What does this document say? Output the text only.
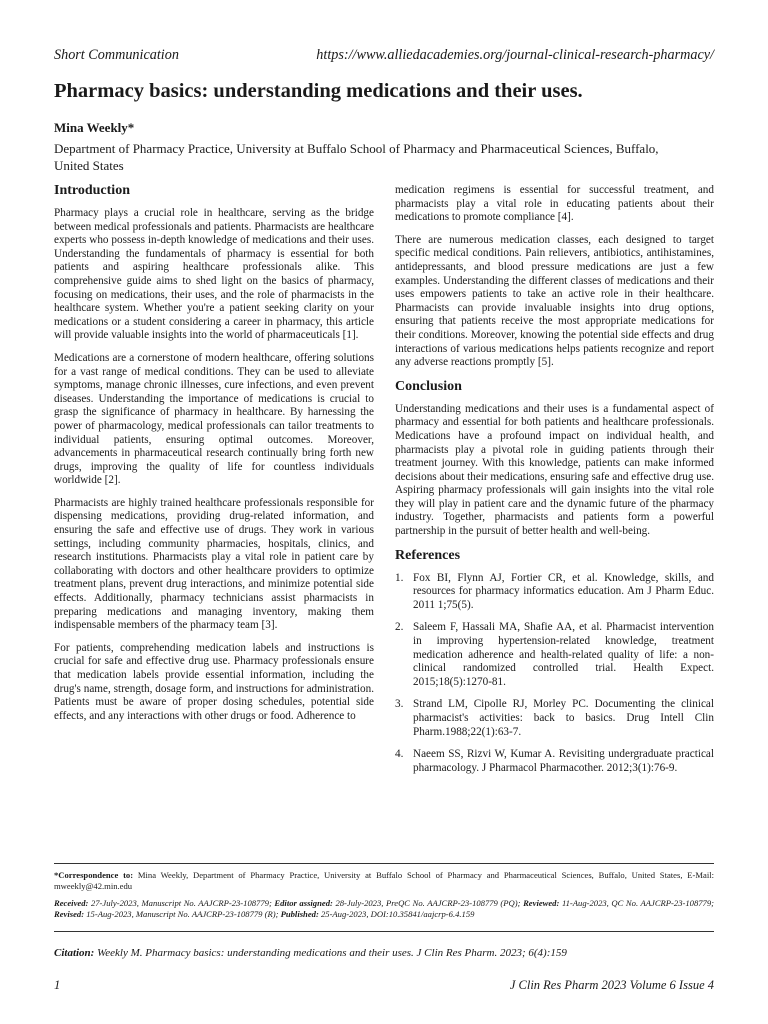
Short Communication	https://www.alliedacademies.org/journal-clinical-research-pharmacy/
Pharmacy basics: understanding medications and their uses.
Mina Weekly*
Department of Pharmacy Practice, University at Buffalo School of Pharmacy and Pharmaceutical Sciences, Buffalo, United States
Introduction

Pharmacy plays a crucial role in healthcare, serving as the bridge between medical professionals and patients. Pharmacists are healthcare experts who possess in-depth knowledge of medications and their uses. Understanding the fundamentals of pharmacy is essential for both patients and aspiring healthcare professionals alike. This comprehensive guide aims to shed light on the basics of pharmacy, focusing on medications, their uses, and the role of pharmacists in the healthcare system. Whether you're a patient seeking clarity on your medications or a student considering a career in pharmacy, this article will provide valuable insights into the world of pharmaceuticals [1].

Medications are a cornerstone of modern healthcare, offering solutions for a vast range of medical conditions. They can be used to alleviate symptoms, manage chronic illnesses, cure infections, and even prevent diseases. Understanding the importance of medications is crucial to grasp the significance of pharmacy in healthcare. By harnessing the power of pharmacology, medical professionals can tailor treatments to individual patients, ensuring optimal outcomes. Moreover, advancements in pharmaceutical research continually bring forth new drugs, improving the quality of life for countless individuals worldwide [2].

Pharmacists are highly trained healthcare professionals responsible for dispensing medications, providing drug-related information, and ensuring the safe and effective use of drugs. They work in various settings, including community pharmacies, hospitals, clinics, and research institutions. Pharmacists play a vital role in patient care by collaborating with doctors and other healthcare providers to optimize treatment plans, prevent drug interactions, and minimize potential side effects. Additionally, pharmacy technicians assist pharmacists in preparing medications and managing inventory, making them indispensable members of the pharmacy team [3].

For patients, comprehending medication labels and instructions is crucial for safe and effective drug use. Pharmacy professionals ensure that medication labels provide essential information, including the drug's name, strength, dosage form, and instructions for administration. Patients must be aware of proper dosing schedules, potential side effects, and any interactions with other drugs or food. Adherence to

medication regimens is essential for successful treatment, and pharmacists play a vital role in educating patients about their medications to promote compliance [4].

There are numerous medication classes, each designed to target specific medical conditions. Pain relievers, antibiotics, antihistamines, antidepressants, and blood pressure medications are just a few examples. Understanding the different classes of medications and their uses empowers patients to take an active role in their healthcare. Pharmacists can provide invaluable insights into drug options, ensuring that patients receive the most appropriate medications for their conditions. Moreover, knowing the potential side effects and drug interactions of various medications helps patients recognize and report any adverse reactions promptly [5].

Conclusion

Understanding medications and their uses is a fundamental aspect of pharmacy and essential for both patients and healthcare professionals. Medications have a profound impact on individual health, and pharmacists play a pivotal role in guiding patients through their treatment journey. With this knowledge, patients can make informed decisions about their medications, ensuring safe and effective drug use. Aspiring pharmacy professionals will gain insights into the vital role they will play in patient care and the dynamic future of the pharmacy industry. Together, pharmacists and patients form a powerful partnership in the pursuit of better health and well-being.

References
1. Fox BI, Flynn AJ, Fortier CR, et al. Knowledge, skills, and resources for pharmacy informatics education. Am J Pharm Educ. 2011 1;75(5).
2. Saleem F, Hassali MA, Shafie AA, et al. Pharmacist intervention in improving hypertension-related knowledge, treatment medication adherence and health-related quality of life: a non-clinical randomized controlled trial. Health Expect. 2015;18(5):1270-81.
3. Strand LM, Cipolle RJ, Morley PC. Documenting the clinical pharmacist's activities: back to basics. Drug Intell Clin Pharm.1988;22(1):63-7.
4. Naeem SS, Rizvi W, Kumar A. Revisiting undergraduate practical pharmacology. J Pharmacol Pharmacother. 2012;3(1):76-9.
*Correspondence to: Mina Weekly, Department of Pharmacy Practice, University at Buffalo School of Pharmacy and Pharmaceutical Sciences, Buffalo, United States, E-Mail: mweekly@42.min.edu
Received: 27-July-2023, Manuscript No. AAJCRP-23-108779; Editor assigned: 28-July-2023, PreQC No. AAJCRP-23-108779 (PQ); Reviewed: 11-Aug-2023, QC No. AAJCRP-23-108779; Revised: 15-Aug-2023, Manuscript No. AAJCRP-23-108779 (R); Published: 25-Aug-2023, DOI:10.35841/aajcrp-6.4.159
Citation: Weekly M. Pharmacy basics: understanding medications and their uses. J Clin Res Pharm. 2023; 6(4):159
1	J Clin Res Pharm 2023 Volume 6 Issue 4
